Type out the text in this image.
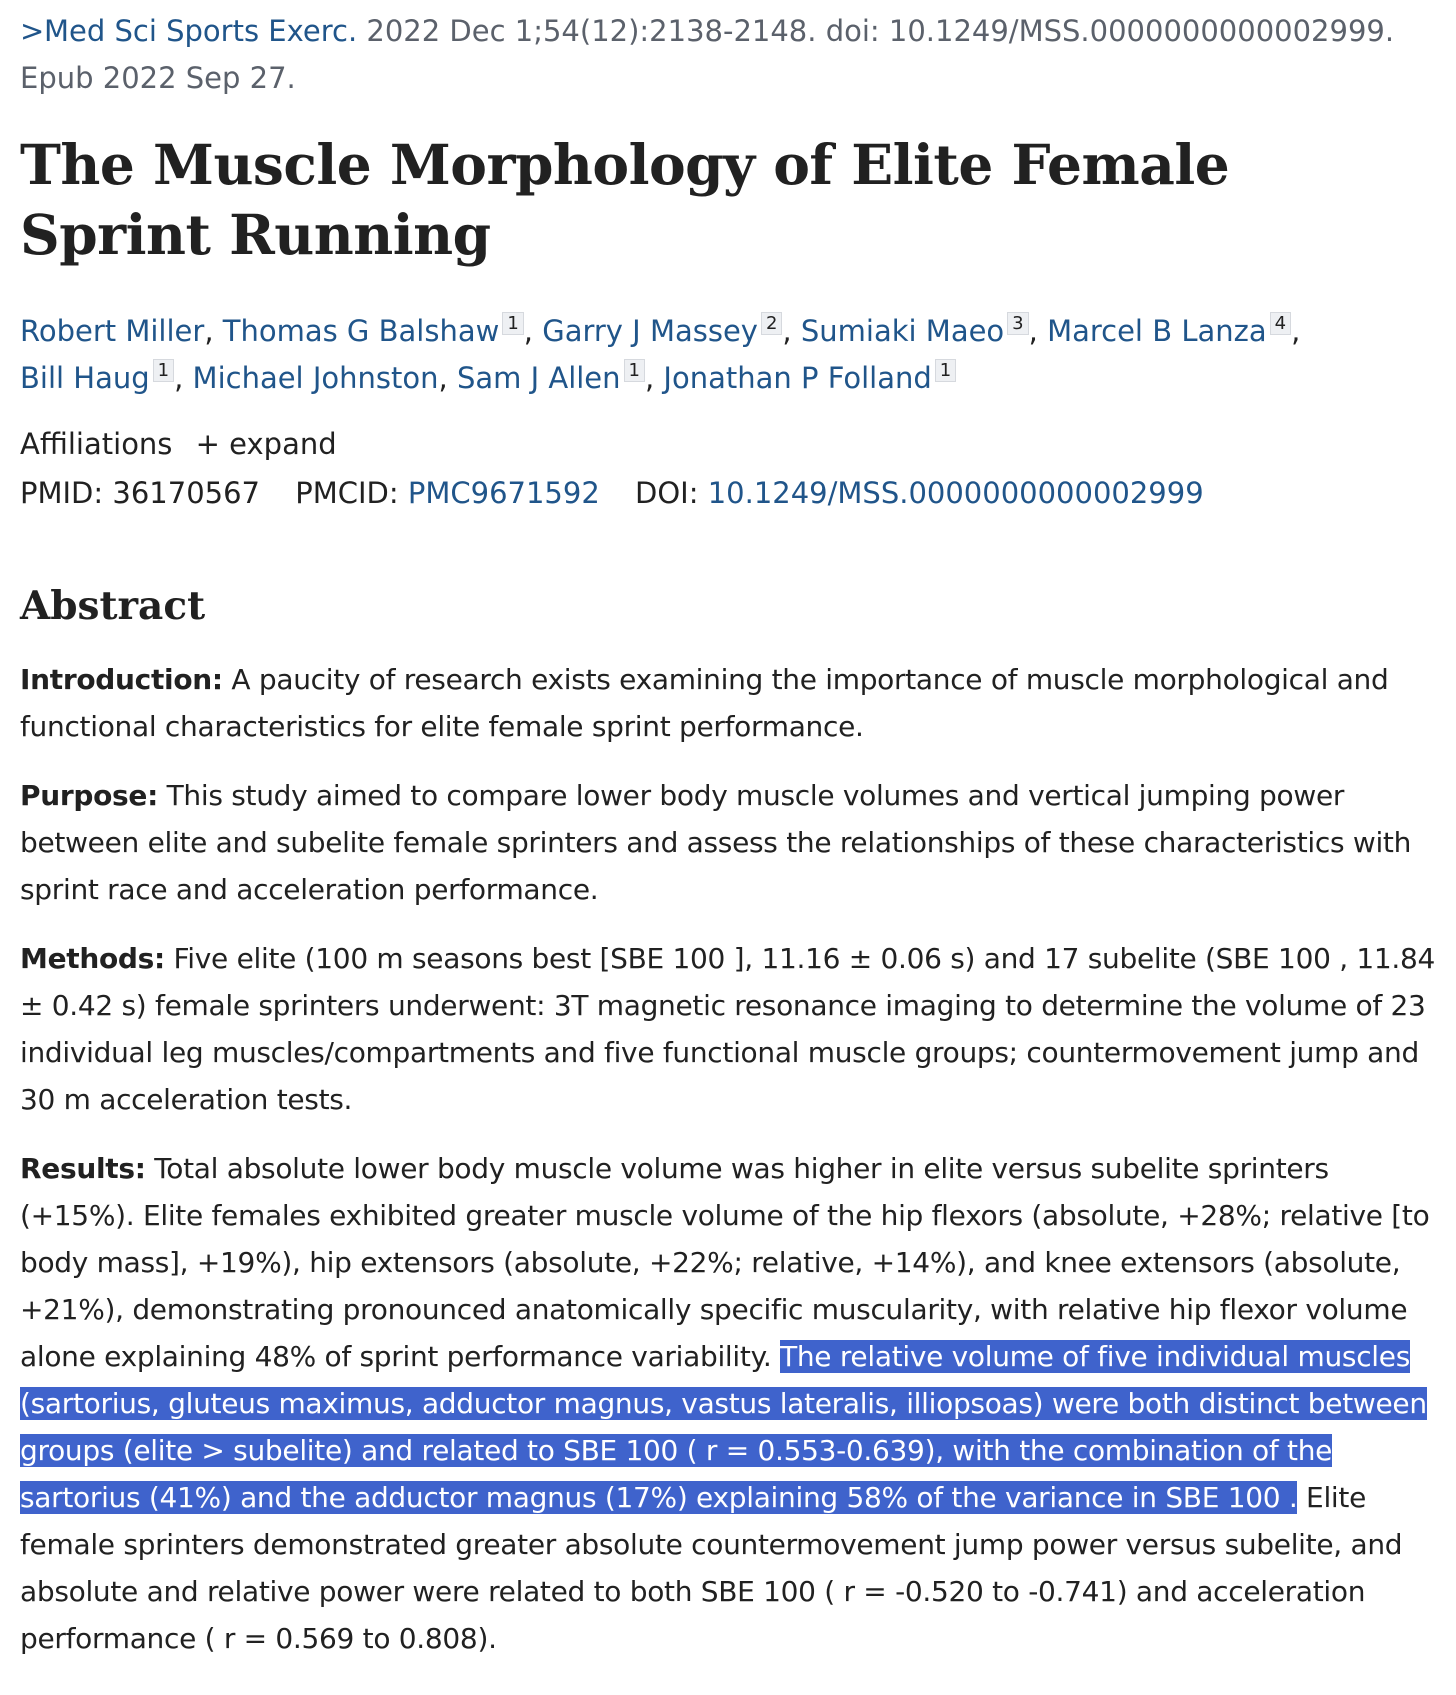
>Med Sci Sports Exerc. 2022 Dec 1;54(12):2138-2148. doi: 10.1249/MSS.0000000000002999.
Epub 2022 Sep 27.

The Muscle Morphology of Elite Female Sprint Running

Robert Miller, Thomas G Balshaw $^1$ , Garry J Massey $^2$ , Sumiaki Maeo $^3$ , Marcel B Lanza $^4$ ,
Bill Haug $^1$ , Michael Johnston, Sam J Allen $^1$ , Jonathan P Folland $^1$

Affiliations + expand

PMID: 36170567 PMCID: PMC9671592 DOI: 10.1249/MSS.0000000000002999

Abstract

Introduction: A paucity of research exists examining the importance of muscle morphological and functional characteristics for elite female sprint performance.

Purpose: This study aimed to compare lower body muscle volumes and vertical jumping power between elite and subelite female sprinters and assess the relationships of these characteristics with sprint race and acceleration performance.

Methods: Five elite (100 m seasons best [SBE 100 ], 11.16 ± 0.06 s) and 17 subelite (SBE 100 , 11.84 ± 0.42 s) female sprinters underwent: 3T magnetic resonance imaging to determine the volume of 23 individual leg muscles/compartments and five functional muscle groups; countermovement jump and 30 m acceleration tests.

Results: Total absolute lower body muscle volume was higher in elite versus subelite sprinters (+15%). Elite females exhibited greater muscle volume of the hip flexors (absolute, +28%; relative [to body mass], +19%), hip extensors (absolute, +22%; relative, +14%), and knee extensors (absolute, +21%), demonstrating pronounced anatomically specific muscularity, with relative hip flexor volume alone explaining 48% of sprint performance variability. The relative volume of five individual muscles (sartorius, gluteus maximus, adductor magnus, vastus lateralis, illiopsoas) were both distinct between groups (elite > subelite) and related to SBE 100 ( r = 0.553-0.639), with the combination of the sartorius (41%) and the adductor magnus (17%) explaining 58% of the variance in SBE 100 . Elite female sprinters demonstrated greater absolute countermovement jump power versus subelite, and absolute and relative power were related to both SBE 100 ( r = -0.520 to -0.741) and acceleration performance ( r = 0.569 to 0.808).
